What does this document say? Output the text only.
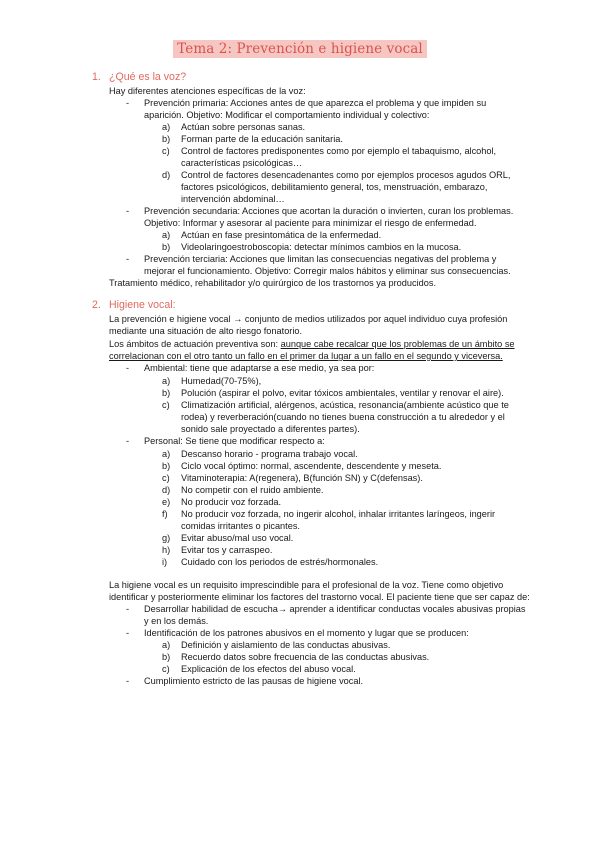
Tema 2: Prevención e higiene vocal
1. ¿Qué es la voz?
Hay diferentes atenciones específicas de la voz:
- Prevención primaria: Acciones antes de que aparezca el problema y que impiden su
aparición. Objetivo: Modificar el comportamiento individual y colectivo:
a) Actúan sobre personas sanas.
b) Forman parte de la educación sanitaria.
c) Control de factores predisponentes como por ejemplo el tabaquismo, alcohol,
características psicológicas…
d) Control de factores desencadenantes como por ejemplos procesos agudos ORL,
factores psicológicos, debilitamiento general, tos, menstruación, embarazo,
intervención abdominal…
- Prevención secundaria: Acciones que acortan la duración o invierten, curan los problemas.
Objetivo: Informar y asesorar al paciente para minimizar el riesgo de enfermedad.
a) Actúan en fase presintomática de la enfermedad.
b) Videolaringoestroboscopia: detectar mínimos cambios en la mucosa.
- Prevención terciaria: Acciones que limitan las consecuencias negativas del problema y
mejorar el funcionamiento. Objetivo: Corregir malos hábitos y eliminar sus consecuencias.
Tratamiento médico, rehabilitador y/o quirúrgico de los trastornos ya producidos.
2. Higiene vocal:
La prevención e higiene vocal → conjunto de medios utilizados por aquel individuo cuya profesión
mediante una situación de alto riesgo fonatorio.
Los ámbitos de actuación preventiva son: aunque cabe recalcar que los problemas de un ámbito se
correlacionan con el otro tanto un fallo en el primer da lugar a un fallo en el segundo y viceversa.
- Ambiental: tiene que adaptarse a ese medio, ya sea por:
a) Humedad(70-75%),
b) Polución (aspirar el polvo, evitar tóxicos ambientales, ventilar y renovar el aire).
c) Climatización artificial, alérgenos, acústica, resonancia(ambiente acústico que te
rodea) y reverberación(cuando no tienes buena construcción a tu alrededor y el
sonido sale proyectado a diferentes partes).
- Personal: Se tiene que modificar respecto a:
a) Descanso horario - programa trabajo vocal.
b) Ciclo vocal óptimo: normal, ascendente, descendente y meseta.
c) Vitaminoterapia: A(regenera), B(función SN) y C(defensas).
d) No competir con el ruido ambiente.
e) No producir voz forzada.
f) No producir voz forzada, no ingerir alcohol, inhalar irritantes laríngeos, ingerir
comidas irritantes o picantes.
g) Evitar abuso/mal uso vocal.
h) Evitar tos y carraspeo.
i) Cuidado con los periodos de estrés/hormonales.
La higiene vocal es un requisito imprescindible para el profesional de la voz. Tiene como objetivo
identificar y posteriormente eliminar los factores del trastorno vocal. El paciente tiene que ser capaz de:
- Desarrollar habilidad de escucha→ aprender a identificar conductas vocales abusivas propias
y en los demás.
- Identificación de los patrones abusivos en el momento y lugar que se producen:
a) Definición y aislamiento de las conductas abusivas.
b) Recuerdo datos sobre frecuencia de las conductas abusivas.
c) Explicación de los efectos del abuso vocal.
- Cumplimiento estricto de las pausas de higiene vocal.
